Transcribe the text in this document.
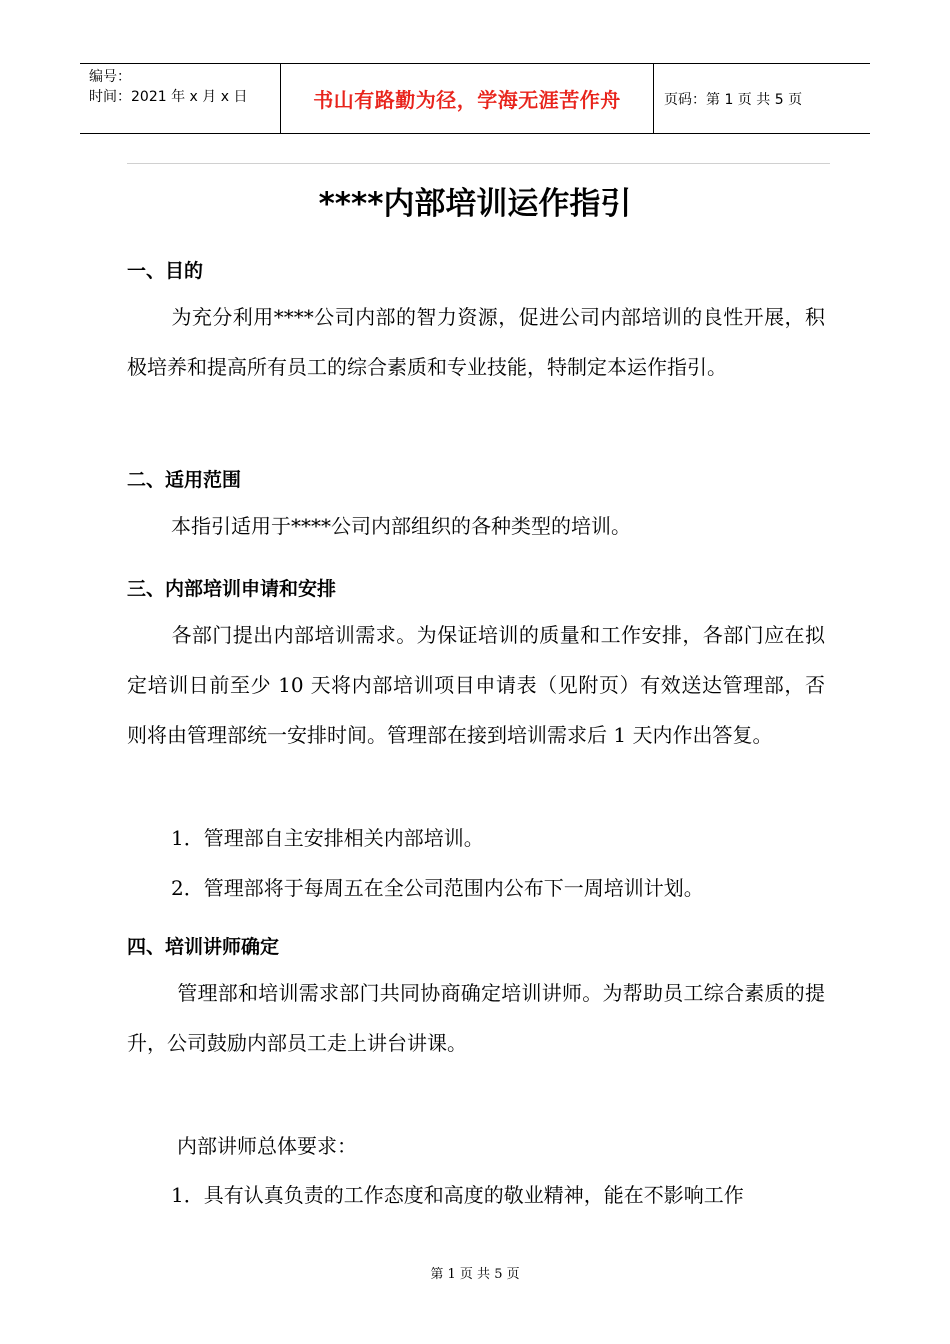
编号：
时间：2021 年 x 月 x 日	书山有路勤为径，学海无涯苦作舟	页码：第 1 页 共 5 页
****内部培训运作指引
一、目的
为充分利用****公司内部的智力资源，促进公司内部培训的良性开展，积极培养和提高所有员工的综合素质和专业技能，特制定本运作指引。
二、适用范围
本指引适用于****公司内部组织的各种类型的培训。
三、内部培训申请和安排
各部门提出内部培训需求。为保证培训的质量和工作安排，各部门应在拟定培训日前至少 10 天将内部培训项目申请表（见附页）有效送达管理部，否则将由管理部统一安排时间。管理部在接到培训需求后 1 天内作出答复。
1．管理部自主安排相关内部培训。
2．管理部将于每周五在全公司范围内公布下一周培训计划。
四、培训讲师确定
管理部和培训需求部门共同协商确定培训讲师。为帮助员工综合素质的提升，公司鼓励内部员工走上讲台讲课。
内部讲师总体要求：
1．具有认真负责的工作态度和高度的敬业精神，能在不影响工作
第 1 页 共 5 页
